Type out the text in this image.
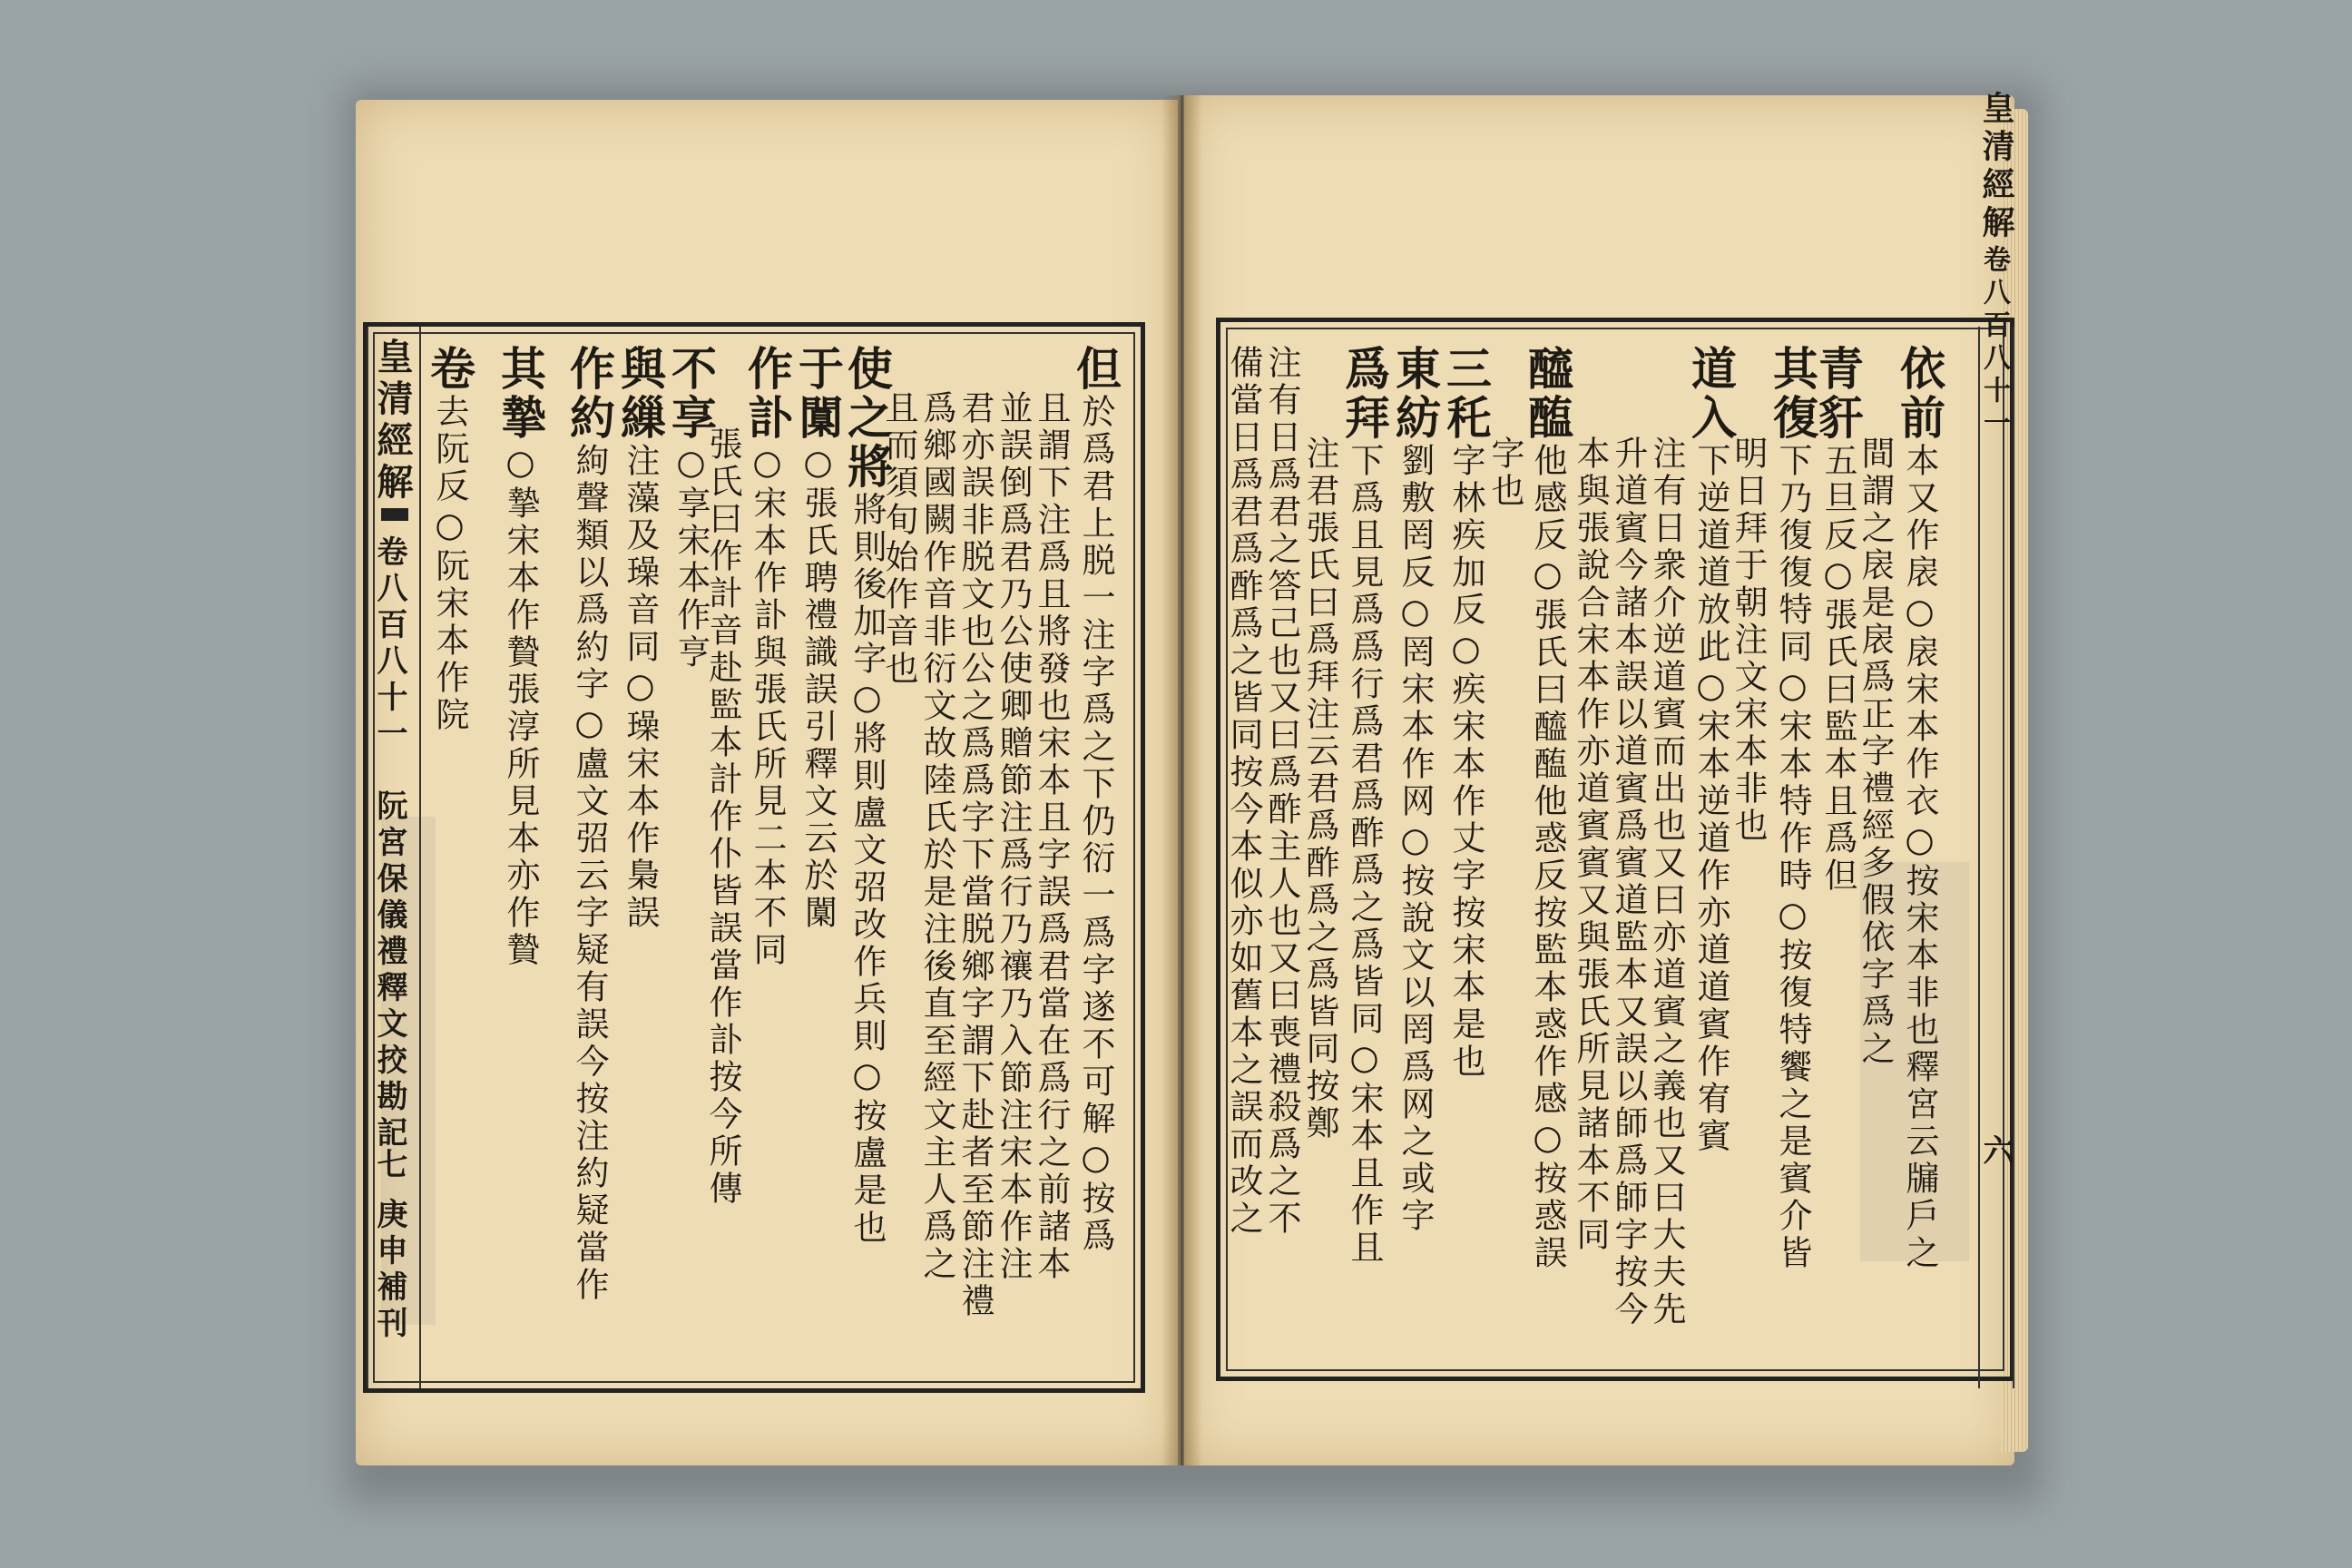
但於爲君上脱一注字爲之下仍衍一爲字遂不可解○按爲
且謂下注爲且將發也宋本且字誤爲君當在爲行之前諸本
並誤倒爲君乃公使卿贈節注爲行乃禳乃入節注宋本作注
君亦誤非脱文也公之爲爲字下當脱鄉字謂下赴者至節注禮
爲鄉國闕作音非衍文故陸氏於是注後直至經文主人爲之
且而須旬始作音也
使之將將則後加字○將則盧文弨改作兵則○按盧是也
于闑○張氏聘禮識誤引釋文云於闑
作訃○宋本作訃與張氏所見二本不同
張氏曰作計音赴監本計作仆皆誤當作訃按今所傳
不享○享宋本作亨
與繅注藻及璪音同○璪宋本作梟誤
作約絇聲類以爲約字○盧文弨云字疑有誤今按注約疑當作
其摯○摯宋本作贄張淳所見本亦作贄
卷去阮反○阮宋本作院
皇清經解
卷八百八十一
阮宮保儀禮釋文挍勘記
七
庚申補刊
依前本又作扆○扆宋本作衣○按宋本非也釋宮云牖戶之
間謂之扆是扆爲正字禮經多假依字爲之
青豻五旦反○張氏曰監本且爲但
其復下乃復復特同○宋本特作時○按復特饗之是賓介皆
明日拜于朝注文宋本非也
道入下逆道道放此○宋本逆道作亦道道賓作宥賓
注有日衆介逆道賓而出也又曰亦道賓之義也又曰大夫先
升道賓今諸本誤以道賓爲賓道監本又誤以師爲師字按今
本與張說合宋本作亦道賓賓又與張氏所見諸本不同
醯醢他感反○張氏曰醯醢他惑反按監本惑作感○按惑誤
字也
三秅字林疾加反○疾宋本作丈字按宋本是也
東紡劉敷罔反○罔宋本作网○按說文以罔爲网之或字
爲拜下爲且見爲爲行爲君爲酢爲之爲皆同○宋本且作且
注君張氏曰爲拜注云君爲酢爲之爲皆同按鄭
注有日爲君之答己也又曰爲酢主人也又曰喪禮殺爲之不
備當日爲君爲酢爲之皆同按今本似亦如舊本之誤而改之
皇清經解
卷八百八十一
六
